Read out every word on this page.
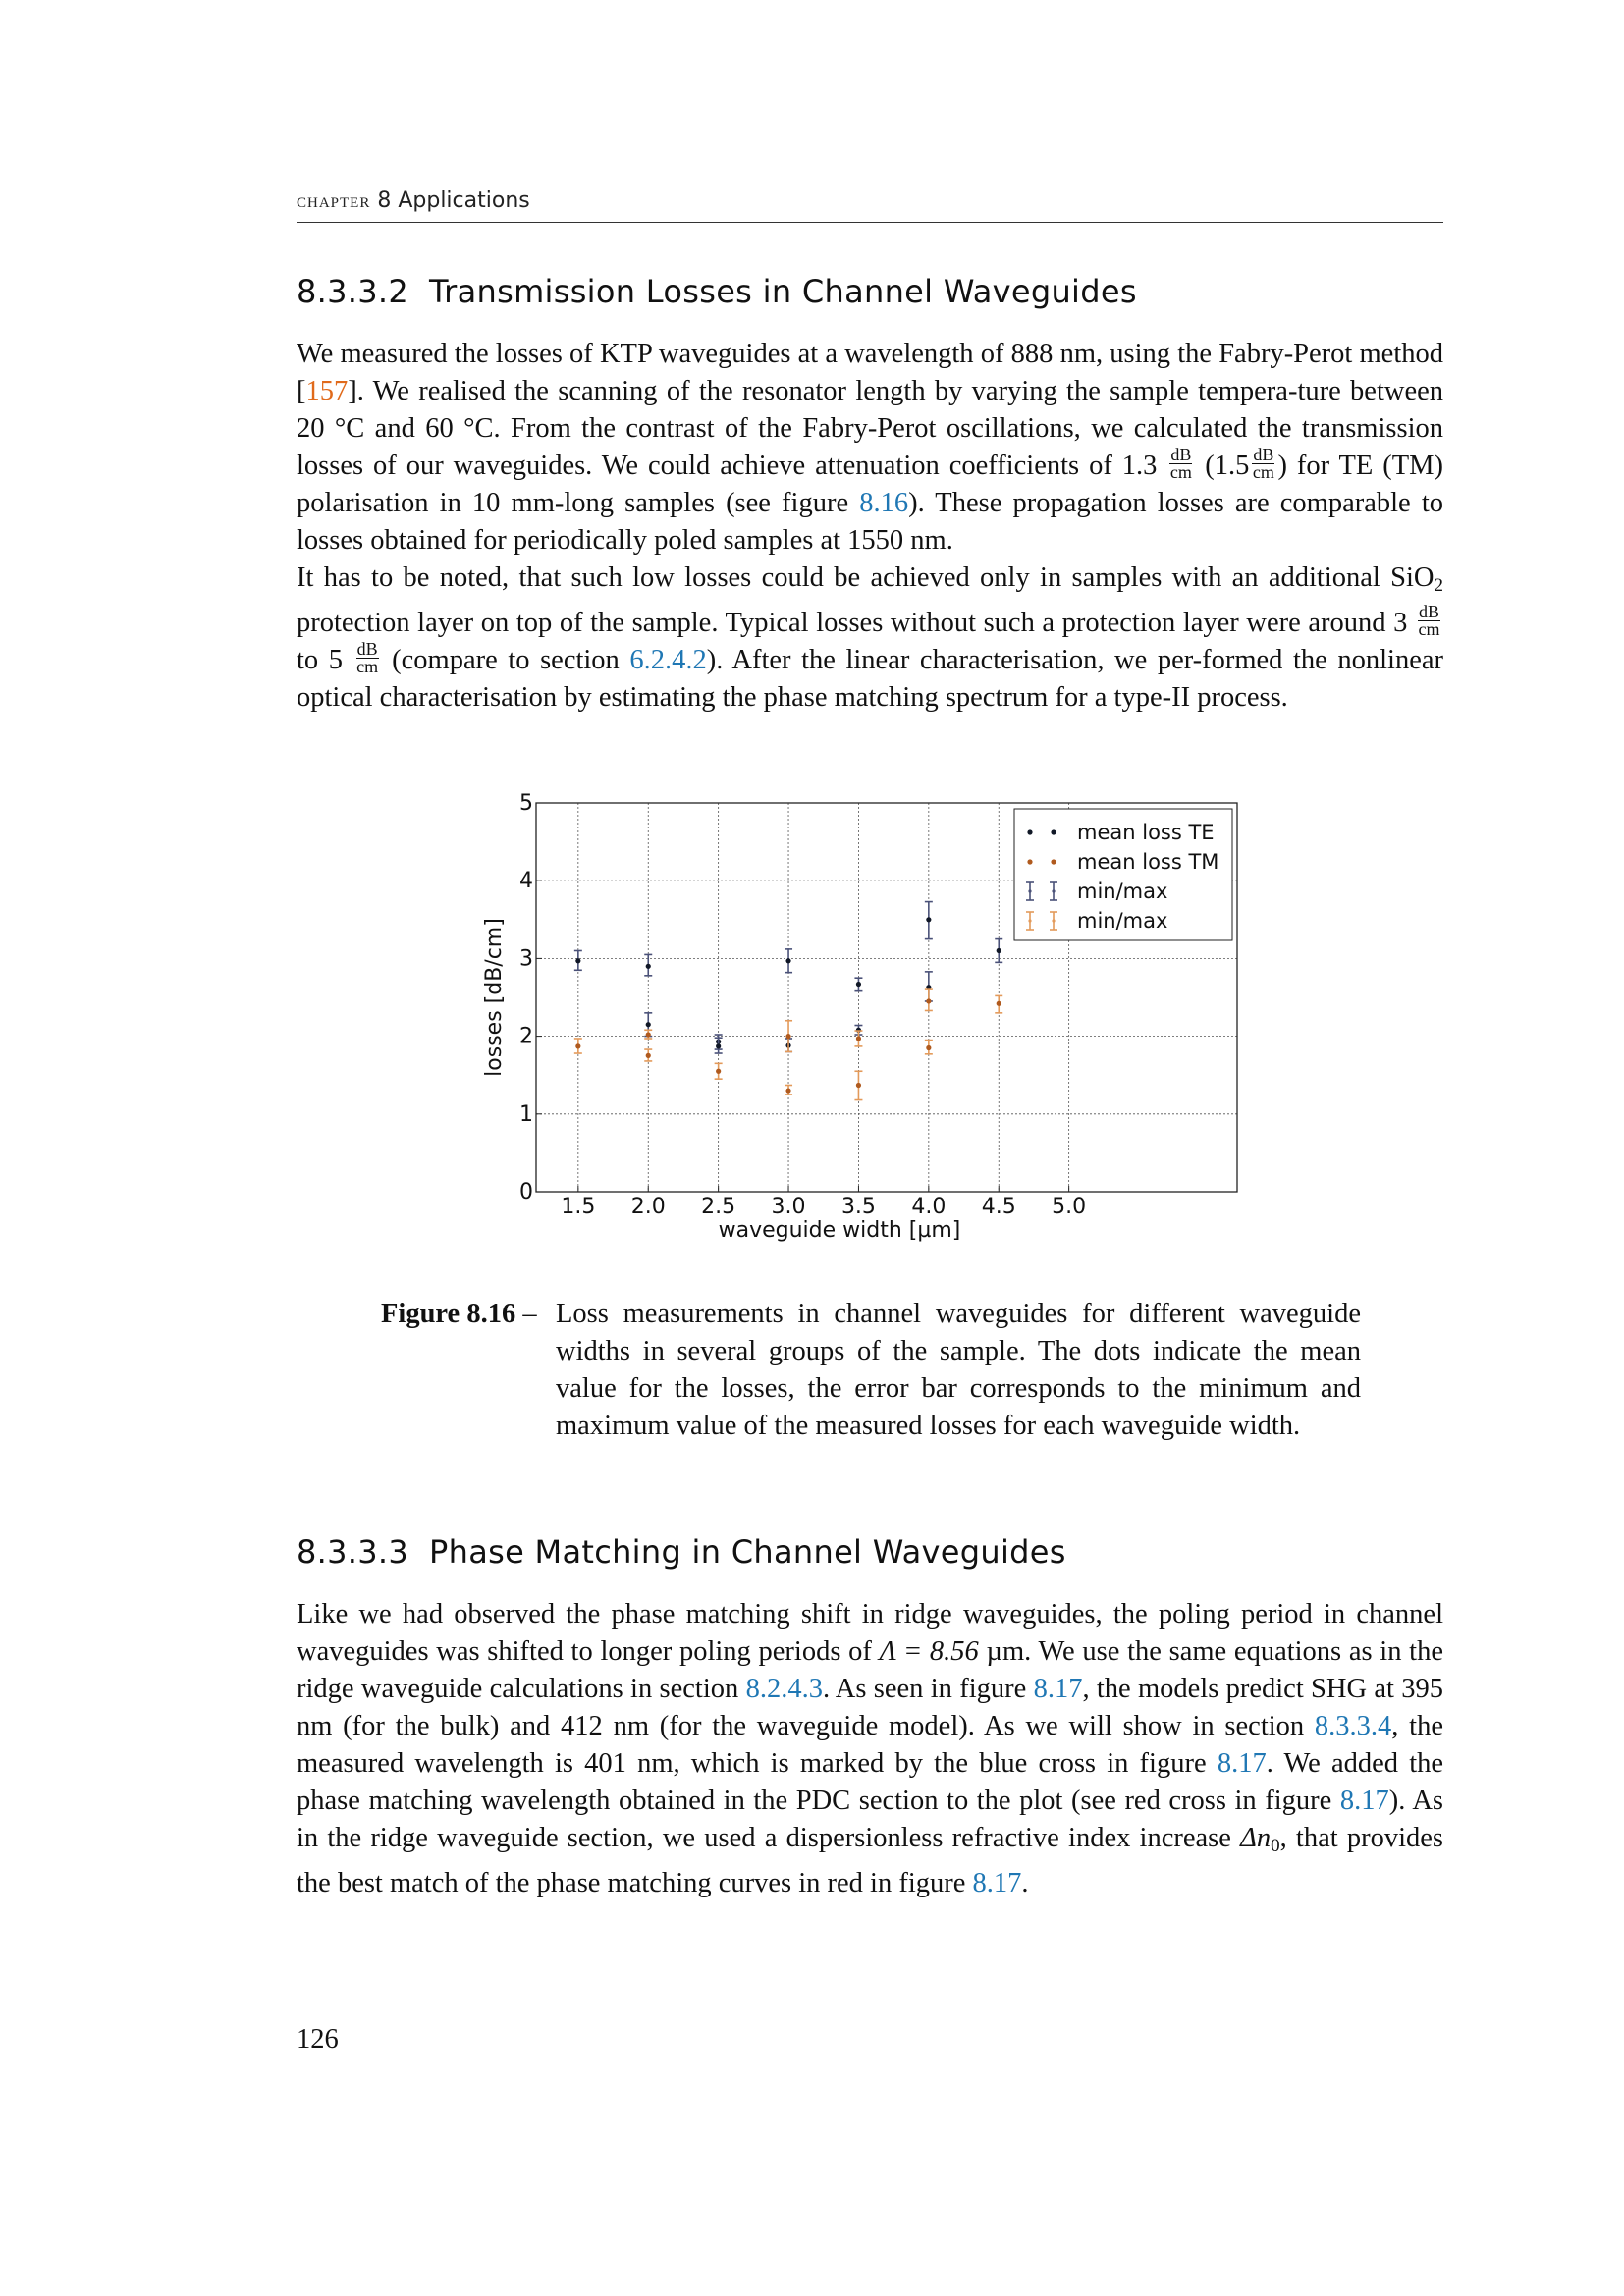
chapter 8 Applications
8.3.3.2 Transmission Losses in Channel Waveguides

We measured the losses of KTP waveguides at a wavelength of 888 nm, using the Fabry-Perot method [157]. We realised the scanning of the resonator length by varying the sample tempera-ture between 20 °C and 60 °C. From the contrast of the Fabry-Perot oscillations, we calculated the transmission losses of our waveguides. We could achieve attenuation coefficients of $1.3 \frac{dB}{cm} (1.5 \frac{dB}{cm}$ ) for TE (TM) polarisation in 10 mm-long samples (see figure 8.16). These propagation losses are comparable to losses obtained for periodically poled samples at 1550 nm.

It has to be noted, that such low losses could be achieved only in samples with an additional SiO$_2$ protection layer on top of the sample. Typical losses without such a protection layer were around $3 \frac{dB}{cm}$
to $5 \frac{dB}{cm}$ (compare to section 6.2.4.2). After the linear characterisation, we per-formed the nonlinear optical characterisation by estimating the phase matching spectrum for a type-II process.

1.5 2.0 2.5 3.0 3.5 4.0 4.5 5.0
0
1
2
3
4
5
waveguide width [µm]
losses [dB/cm]
mean loss TE
mean loss TM
min/max
min/max
Figure 8.16 – Loss measurements in channel waveguides for different waveguide widths in several groups of the sample. The dots indicate the mean value for the losses, the error bar corresponds to the minimum and maximum value of the measured losses for each waveguide width.
8.3.3.3 Phase Matching in Channel Waveguides

Like we had observed the phase matching shift in ridge waveguides, the poling period in channel waveguides was shifted to longer poling periods of Λ = 8.56 µm. We use the same equations as in the ridge waveguide calculations in section 8.2.4.3. As seen in figure 8.17, the models predict SHG at 395 nm (for the bulk) and 412 nm (for the waveguide model). As we will show in section 8.3.3.4, the measured wavelength is 401 nm, which is marked by the blue cross in figure 8.17. We added the phase matching wavelength obtained in the PDC section to the plot (see red cross in figure 8.17). As in the ridge waveguide section, we used a dispersionless refractive index increase $\Delta n_0$, that provides the best match of the phase matching curves in red in figure 8.17.

126
